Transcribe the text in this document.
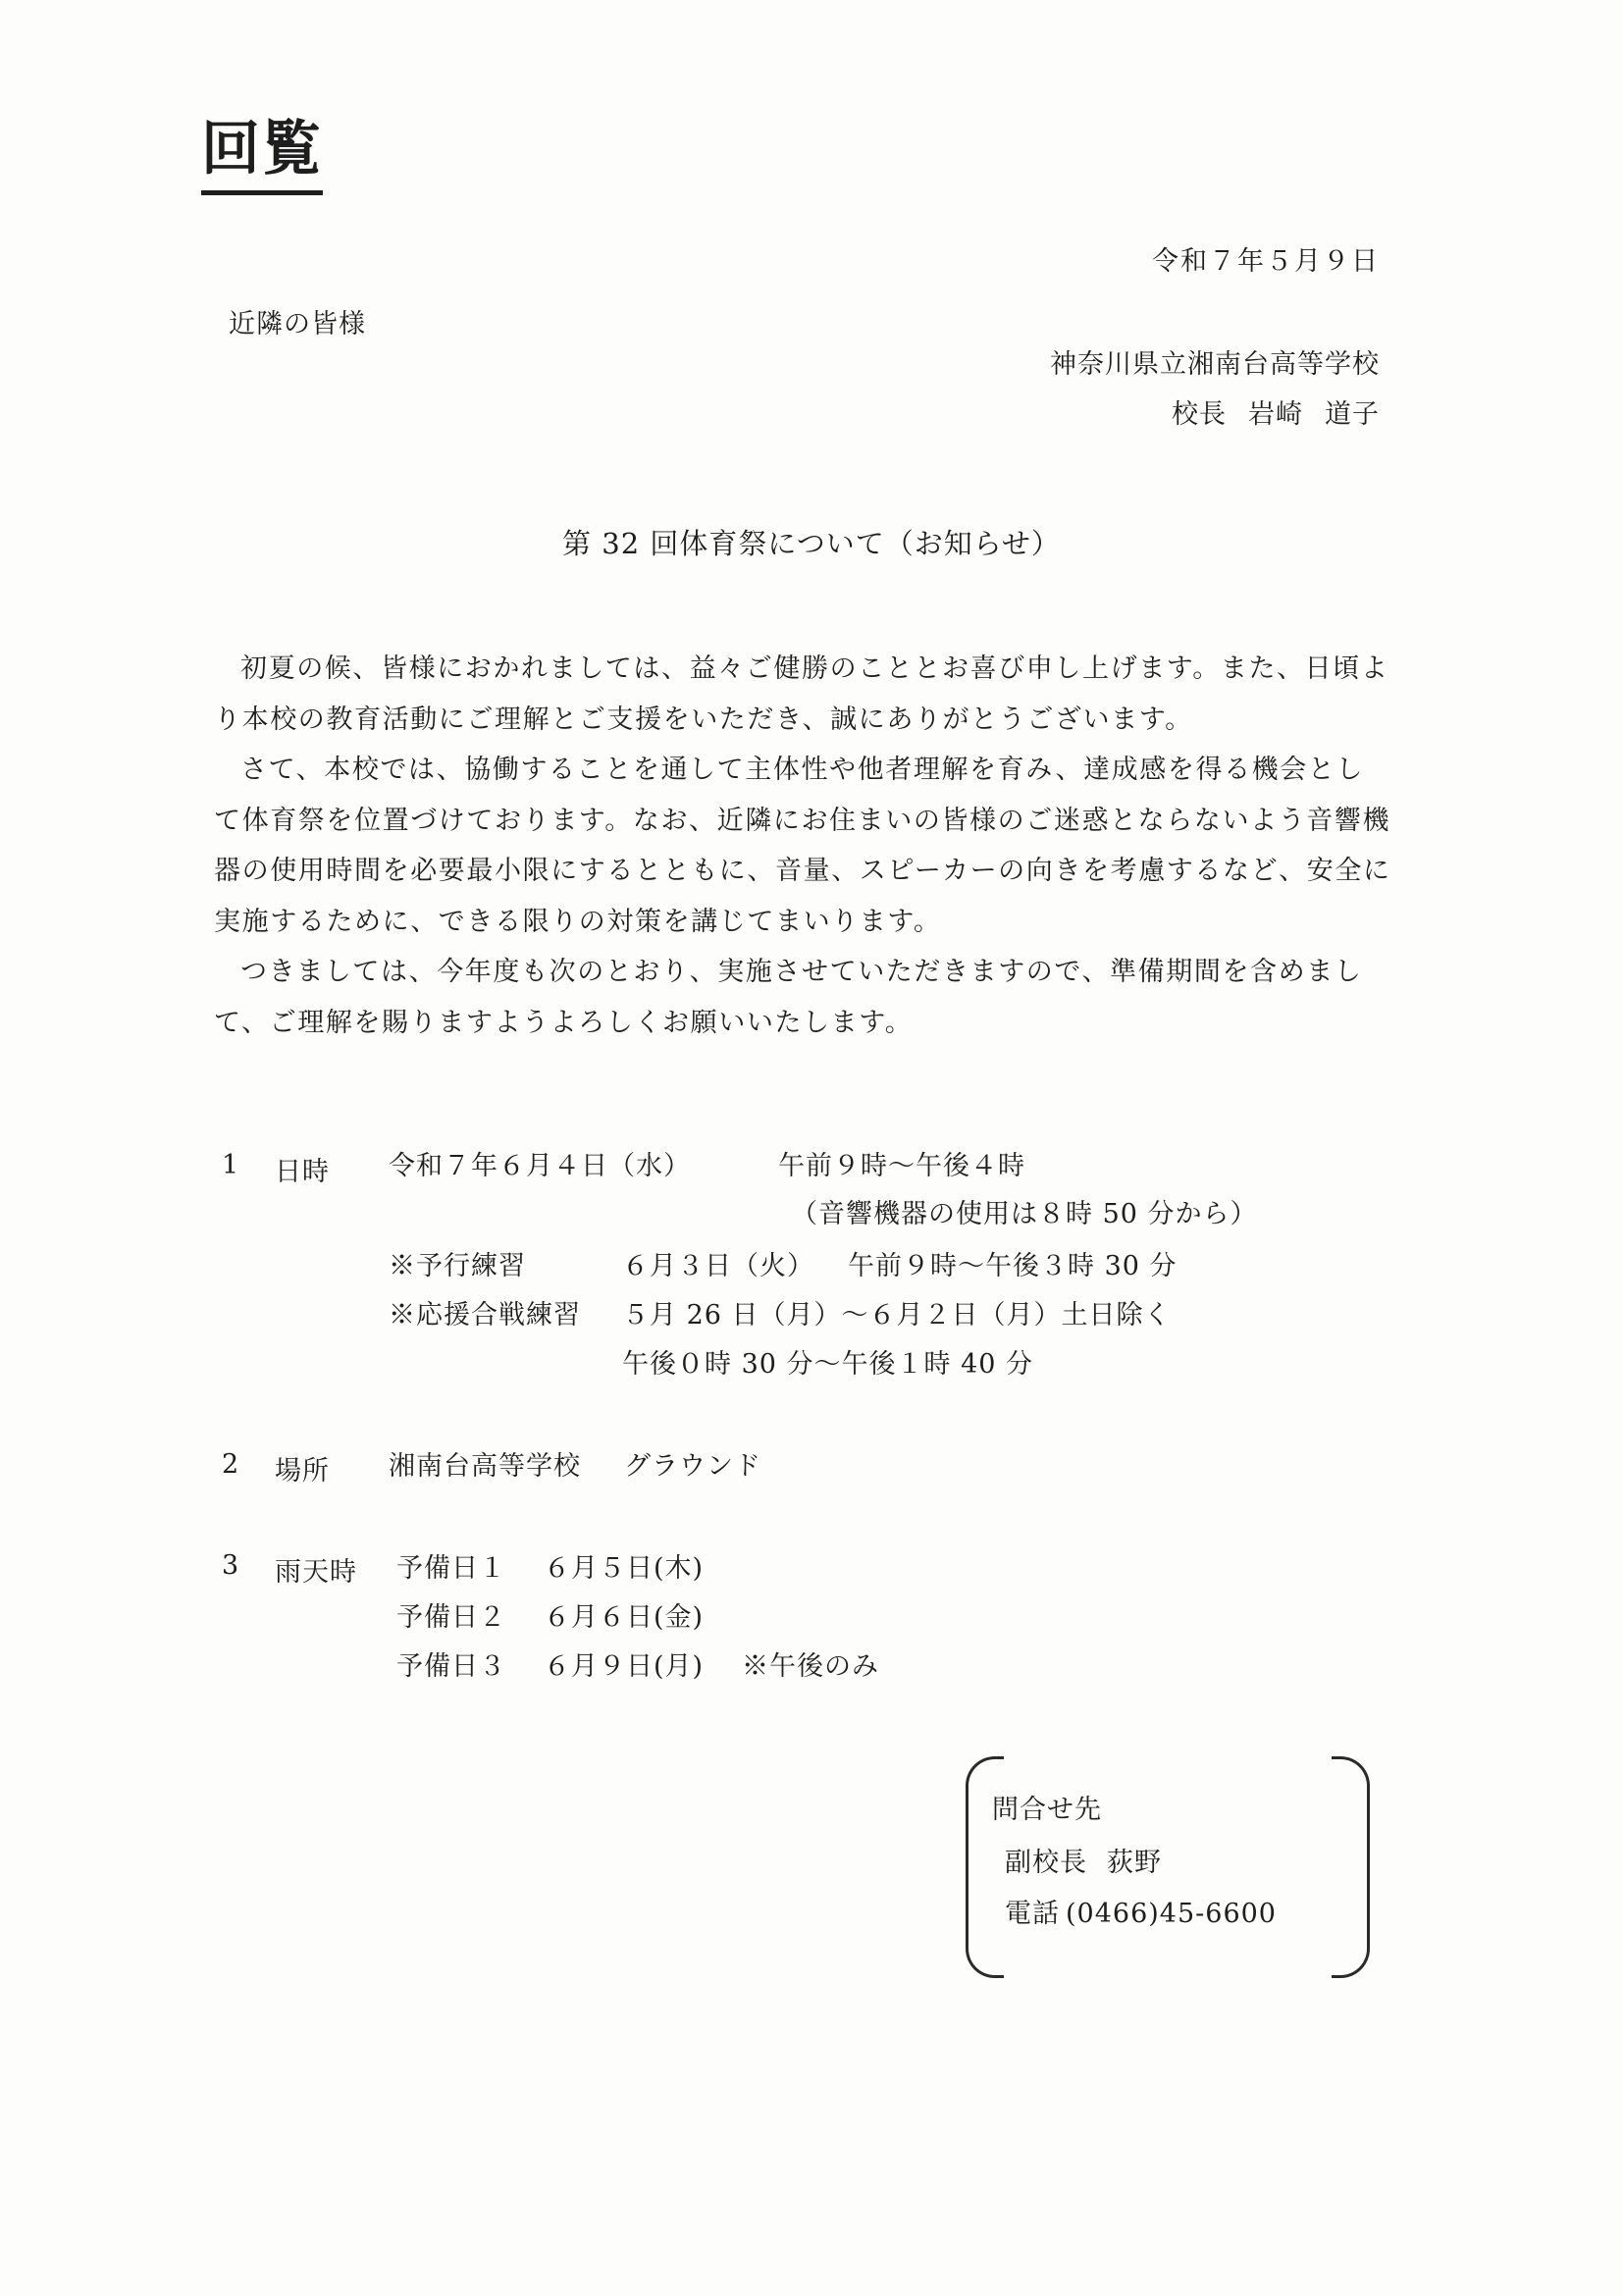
回覧
令和７年５月９日
近隣の皆様
神奈川県立湘南台高等学校
校長 岩崎 道子
第 32 回体育祭について（お知らせ）

初夏の候、皆様におかれましては、益々ご健勝のこととお喜び申し上げます。また、日頃より本校の教育活動にご理解とご支援をいただき、誠にありがとうございます。

さて、本校では、協働することを通して主体性や他者理解を育み、達成感を得る機会として体育祭を位置づけております。なお、近隣にお住まいの皆様のご迷惑とならないよう音響機器の使用時間を必要最小限にするとともに、音量、スピーカーの向きを考慮するなど、安全に実施するために、できる限りの対策を講じてまいります。

つきましては、今年度も次のとおり、実施させていただきますので、準備期間を含めまして、ご理解を賜りますようよろしくお願いいたします。

1 日時 令和７年６月４日（水）	午前９時～午後４時
（音響機器の使用は８時 50 分から）
※予行練習	６月３日（火） 午前９時～午後３時 30 分
※応援合戦練習 ５月 26 日（月）～６月２日（月）土日除く
午後０時 30 分～午後１時 40 分
2 場所 湘南台高等学校 グラウンド
3 雨天時 予備日１ ６月５日(木)
予備日２ ６月６日(金)
予備日３ ６月９日(月) ※午後のみ
問合せ先
副校長 荻野
電話 (0466)45-6600
